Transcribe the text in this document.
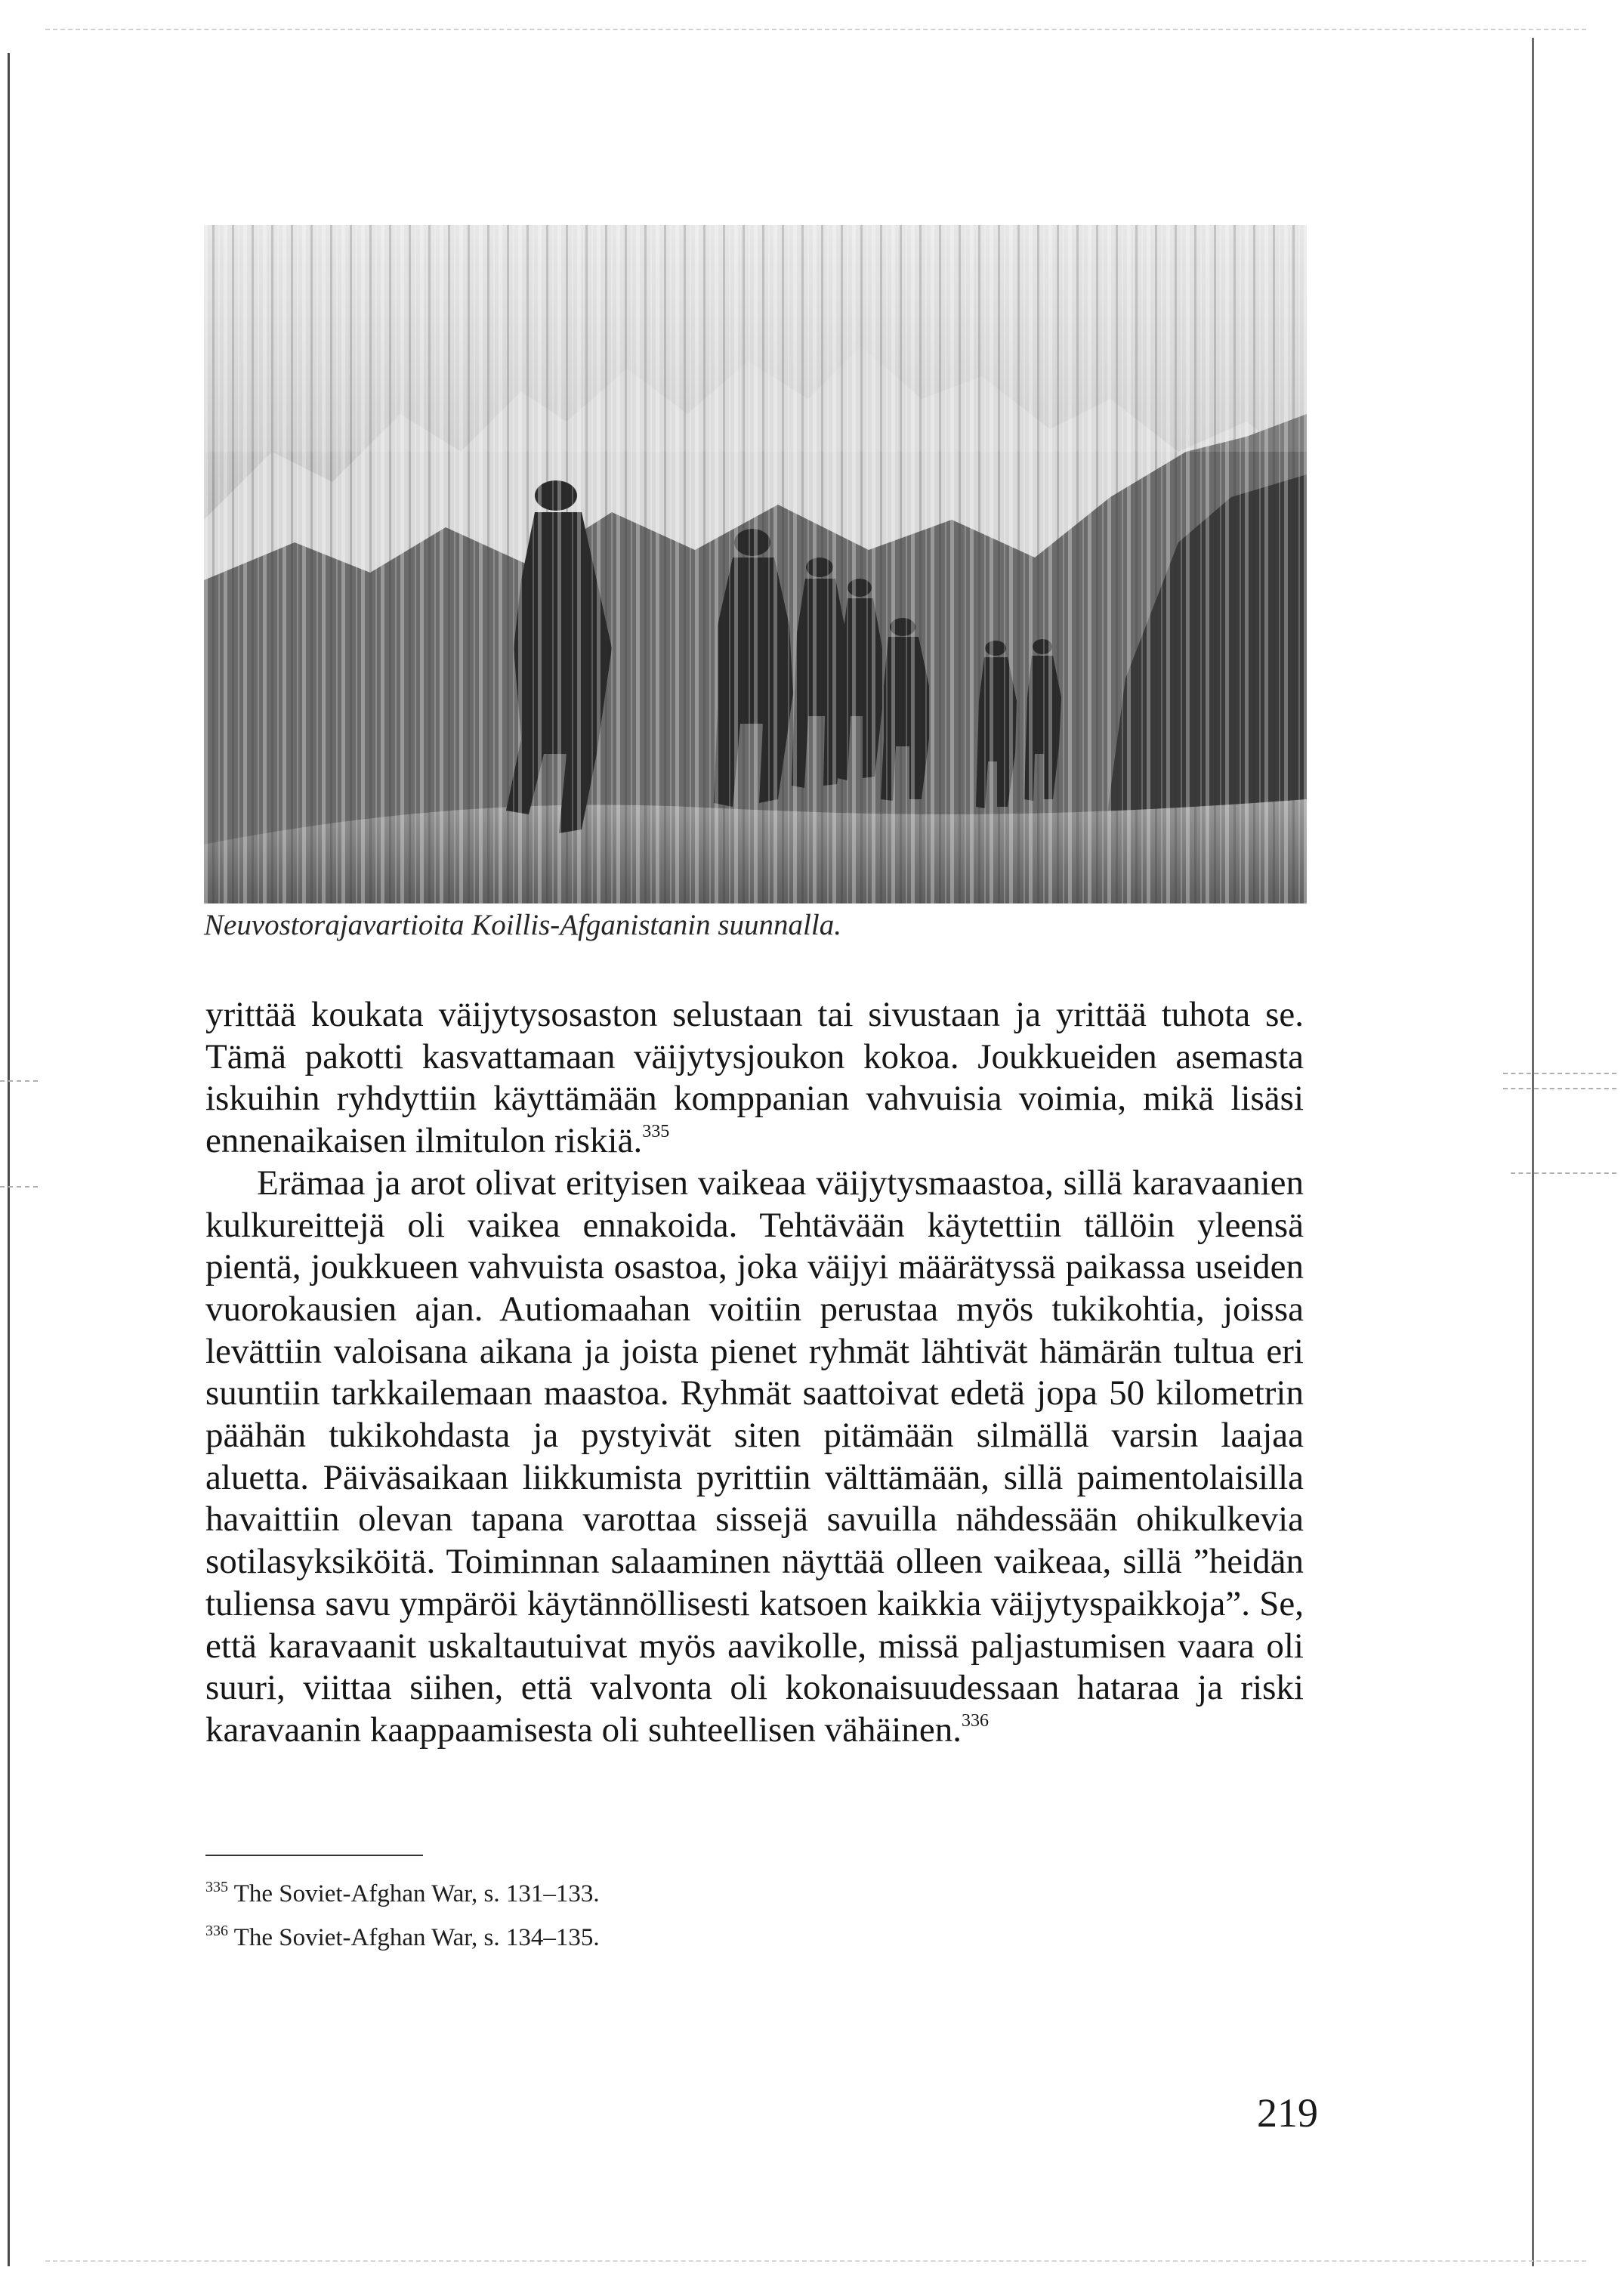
Neuvostorajavartioita Koillis-Afganistanin suunnalla.

yrittää koukata väijytysosaston selustaan tai sivustaan ja yrittää tuhota se. Tämä pakotti kasvattamaan väijytysjoukon kokoa. Joukkueiden asemasta iskuihin ryhdyttiin käyttämään komppanian vahvuisia voimia, mikä lisäsi ennenaikaisen ilmitulon riskiä.$^{335}$

Erämaa ja arot olivat erityisen vaikeaa väijytysmaastoa, sillä karavaanien kulkureittejä oli vaikea ennakoida. Tehtävään käytettiin tällöin yleensä pientä, joukkueen vahvuista osastoa, joka väijyi määrätyssä paikassa useiden vuorokausien ajan. Autiomaahan voitiin perustaa myös tukikohtia, joissa levättiin valoisana aikana ja joista pienet ryhmät lähtivät hämärän tultua eri suuntiin tarkkailemaan maastoa. Ryhmät saattoivat edetä jopa 50 kilometrin päähän tukikohdasta ja pystyivät siten pitämään silmällä varsin laajaa aluetta. Päiväsaikaan liikkumista pyrittiin välttämään, sillä paimentolaisilla havaittiin olevan tapana varottaa sissejä savuilla nähdessään ohikulkevia sotilasyksiköitä. Toiminnan salaaminen näyttää olleen vaikeaa, sillä ”heidän tuliensa savu ympäröi käytännöllisesti katsoen kaikkia väijytyspaikkoja”. Se, että karavaanit uskaltautuivat myös aavikolle, missä paljastumisen vaara oli suuri, viittaa siihen, että valvonta oli kokonaisuudessaan hataraa ja riski karavaanin kaappaamisesta oli suhteellisen vähäinen.$^{336}$

$^{335}$ The Soviet-Afghan War, s. 131–133.
$^{336}$ The Soviet-Afghan War, s. 134–135.
219
